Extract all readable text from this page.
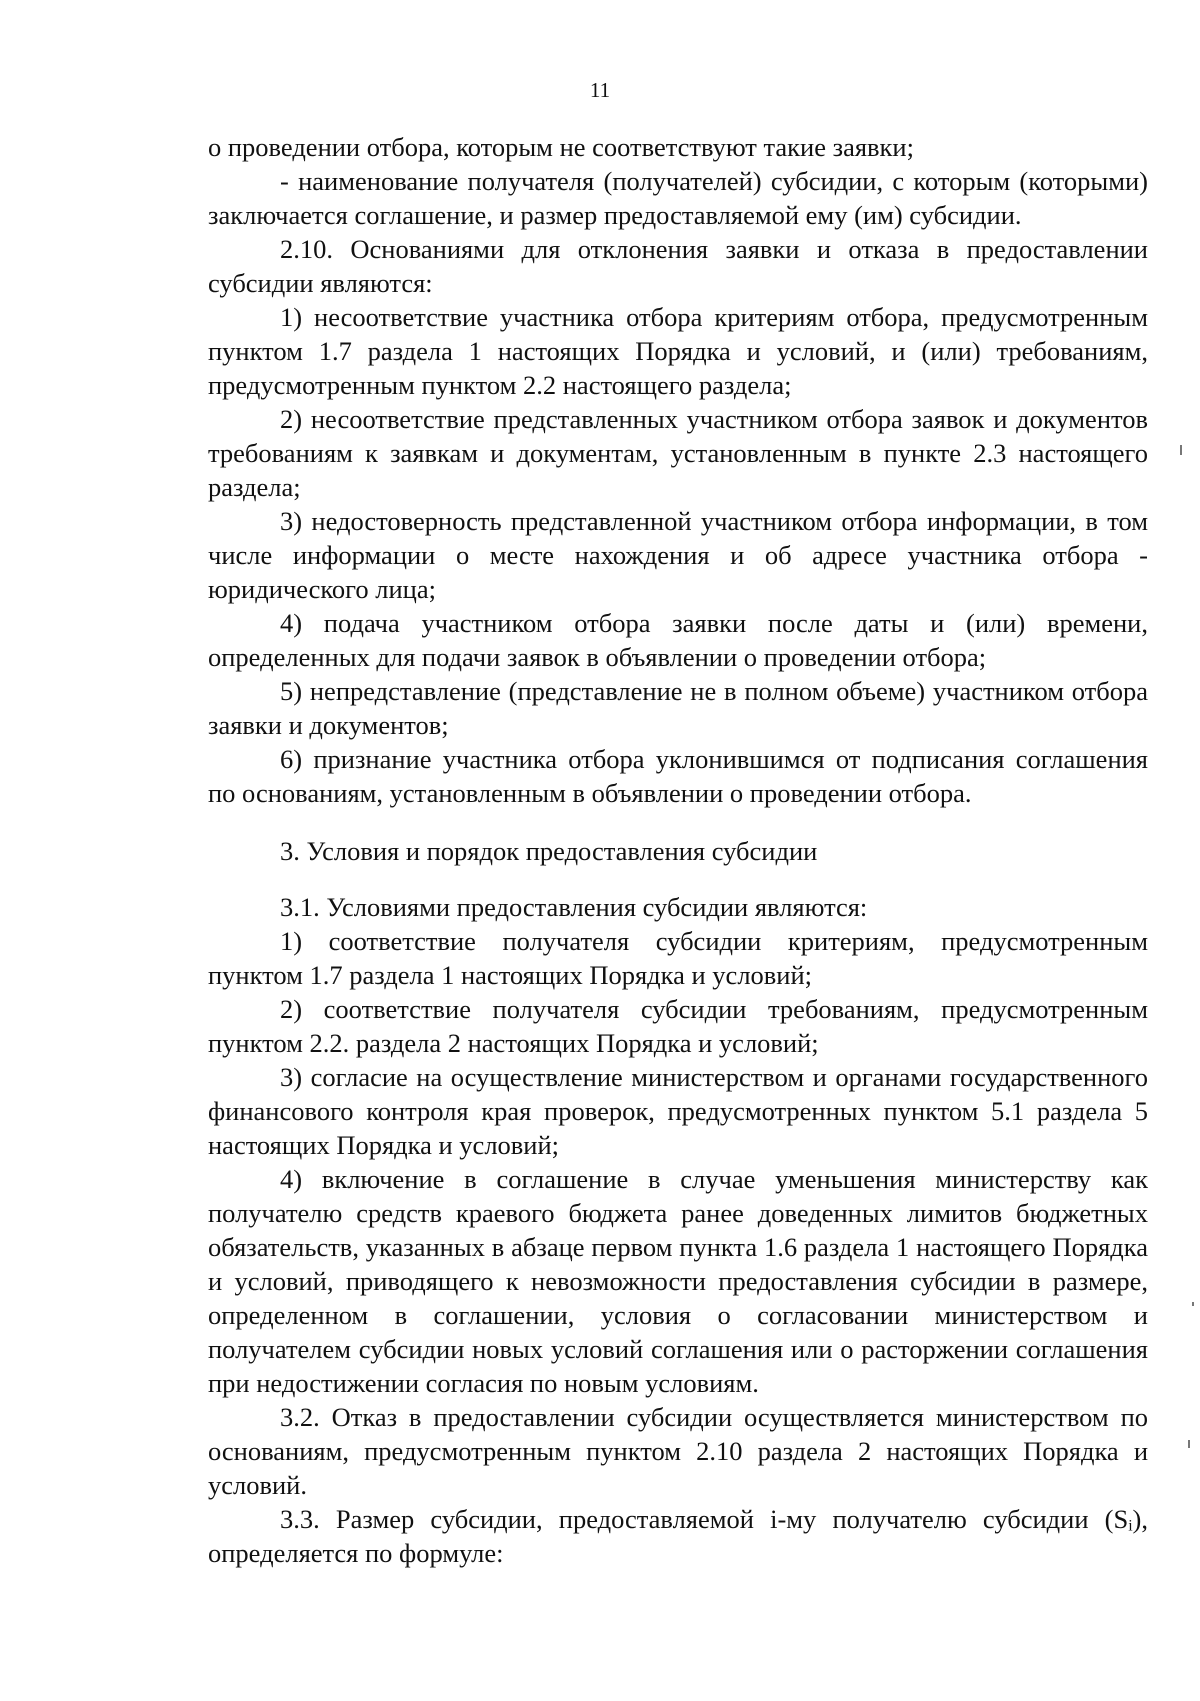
11

о проведении отбора, которым не соответствуют такие заявки;

- наименование получателя (получателей) субсидии, с которым (которыми) заключается соглашение, и размер предоставляемой ему (им) субсидии.

2.10. Основаниями для отклонения заявки и отказа в предоставлении субсидии являются:

1) несоответствие участника отбора критериям отбора, предусмотренным пунктом 1.7 раздела 1 настоящих Порядка и условий, и (или) требованиям, предусмотренным пунктом 2.2 настоящего раздела;

2) несоответствие представленных участником отбора заявок и документов требованиям к заявкам и документам, установленным в пункте 2.3 настоящего раздела;

3) недостоверность представленной участником отбора информации, в том числе информации о месте нахождения и об адресе участника отбора - юридического лица;

4) подача участником отбора заявки после даты и (или) времени, определенных для подачи заявок в объявлении о проведении отбора;

5) непредставление (представление не в полном объеме) участником отбора заявки и документов;

6) признание участника отбора уклонившимся от подписания соглашения по основаниям, установленным в объявлении о проведении отбора.

3. Условия и порядок предоставления субсидии

3.1. Условиями предоставления субсидии являются:

1) соответствие получателя субсидии критериям, предусмотренным пунктом 1.7 раздела 1 настоящих Порядка и условий;

2) соответствие получателя субсидии требованиям, предусмотренным пунктом 2.2. раздела 2 настоящих Порядка и условий;

3) согласие на осуществление министерством и органами государственного финансового контроля края проверок, предусмотренных пунктом 5.1 раздела 5 настоящих Порядка и условий;

4) включение в соглашение в случае уменьшения министерству как получателю средств краевого бюджета ранее доведенных лимитов бюджетных обязательств, указанных в абзаце первом пункта 1.6 раздела 1 настоящего Порядка и условий, приводящего к невозможности предоставления субсидии в размере, определенном в соглашении, условия о согласовании министерством и получателем субсидии новых условий соглашения или о расторжении соглашения при недостижении согласия по новым условиям.

3.2. Отказ в предоставлении субсидии осуществляется министерством по основаниям, предусмотренным пунктом 2.10 раздела 2 настоящих Порядка и условий.

3.3. Размер субсидии, предоставляемой i-му получателю субсидии (Sᵢ), определяется по формуле:
